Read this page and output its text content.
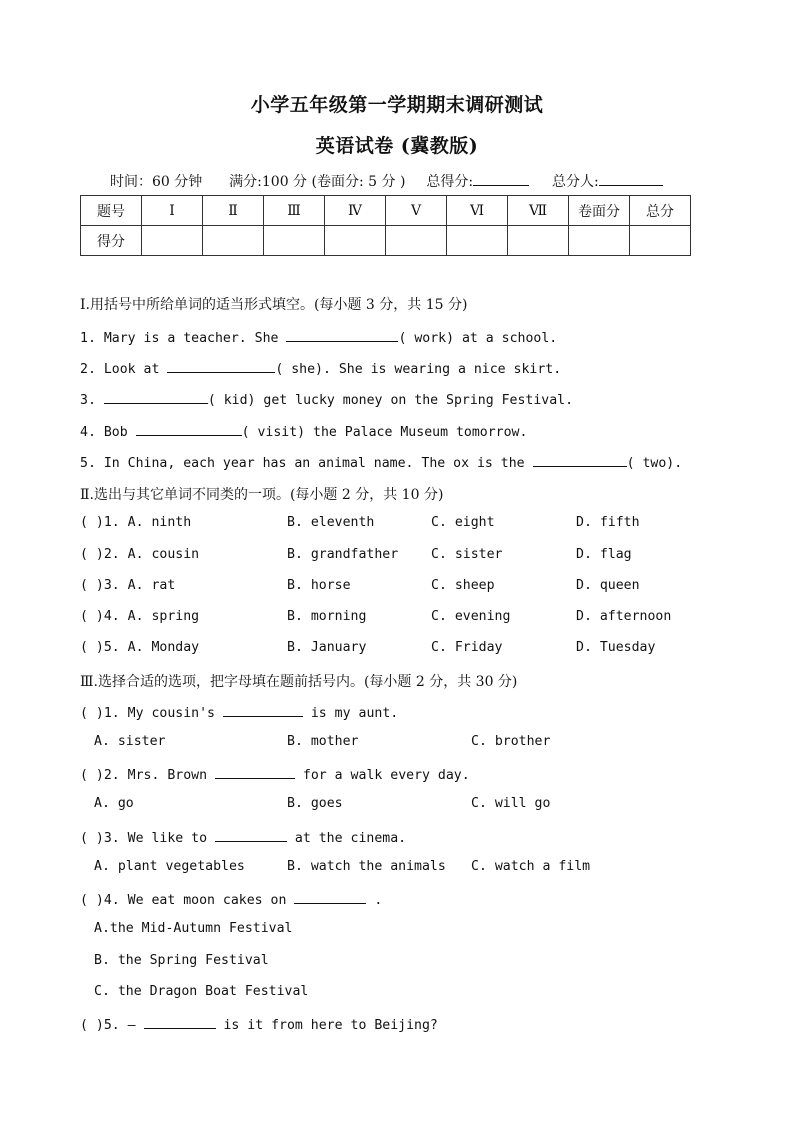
小学五年级第一学期期末调研测试
英语试卷 (冀教版)
时间：60 分钟 满分:100 分 (卷面分: 5 分 ) 总得分:	总分人:
题号	Ⅰ	Ⅱ	Ⅲ	Ⅳ	Ⅴ	Ⅵ	Ⅶ	卷面分	总分
得分									
Ⅰ.用括号中所给单词的适当形式填空。(每小题 3 分，共 15 分)
1. Mary is a teacher. She	( work) at a school.
2. Look at	( she). She is wearing a nice skirt.
3.	( kid) get lucky money on the Spring Festival.
4. Bob	( visit) the Palace Museum tomorrow.
5. In China, each year has an animal name. The ox is the	( two).
Ⅱ.选出与其它单词不同类的一项。(每小题 2 分，共 10 分)
( )1. A. ninth	B. eleventh	C. eight	D. fifth
( )2. A. cousin	B. grandfather C. sister	D. flag
( )3. A. rat	B. horse	C. sheep	D. queen
( )4. A. spring	B. morning	C. evening	D. afternoon
( )5. A. Monday	B. January	C. Friday	D. Tuesday
Ⅲ.选择合适的选项，把字母填在题前括号内。(每小题 2 分，共 30 分)
( )1. My cousin's	is my aunt.
A. sister	B. mother	C. brother
( )2. Mrs. Brown	for a walk every day.
A. go	B. goes	C. will go
( )3. We like to	at the cinema.
A. plant vegetables	B. watch the animals C. watch a film
( )4. We eat moon cakes on	.
A.the Mid-Autumn Festival
B. the Spring Festival
C. the Dragon Boat Festival
( )5. —	is it from here to Beijing?
